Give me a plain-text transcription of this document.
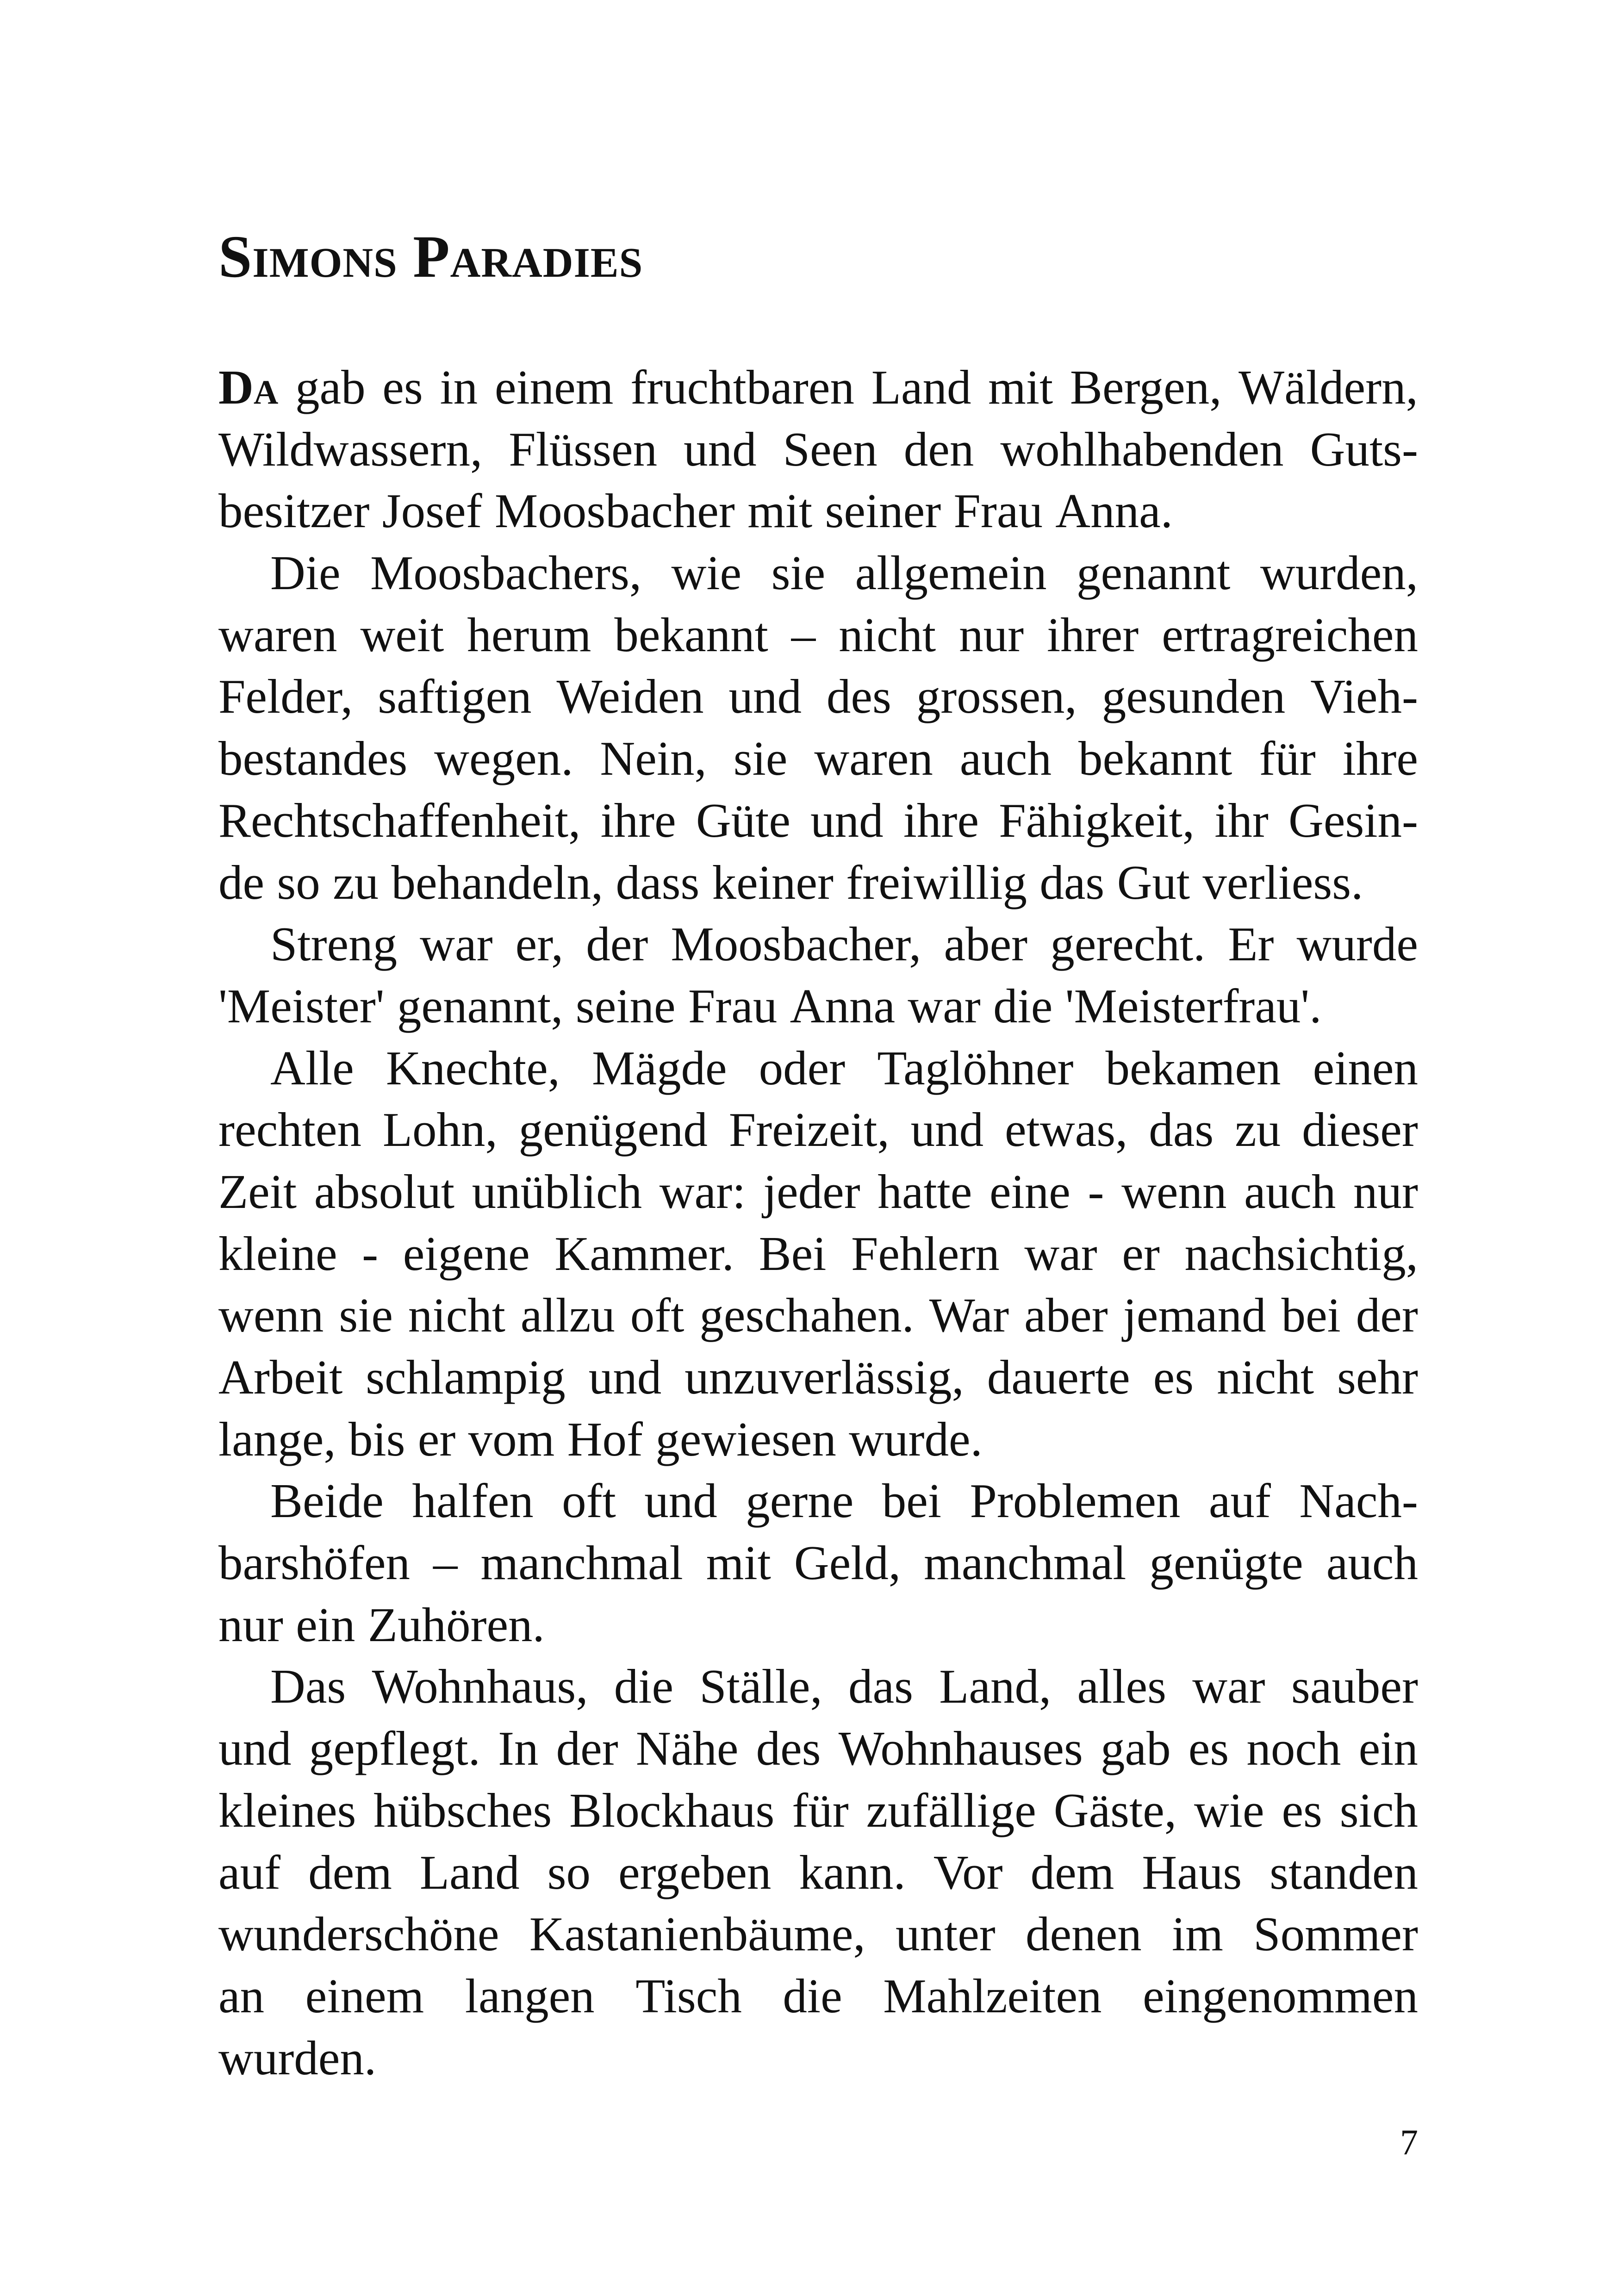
Simons Paradies
Da gab es in einem fruchtbaren Land mit Bergen, Wäldern,
Wildwassern, Flüssen und Seen den wohlhabenden Guts-
besitzer Josef Moosbacher mit seiner Frau Anna.
Die Moosbachers, wie sie allgemein genannt wurden,
waren weit herum bekannt – nicht nur ihrer ertragreichen
Felder, saftigen Weiden und des grossen, gesunden Vieh-
bestandes wegen. Nein, sie waren auch bekannt für ihre
Rechtschaffenheit, ihre Güte und ihre Fähigkeit, ihr Gesin-
de so zu behandeln, dass keiner freiwillig das Gut verliess.
Streng war er, der Moosbacher, aber gerecht. Er wurde
'Meister' genannt, seine Frau Anna war die 'Meisterfrau'.
Alle Knechte, Mägde oder Taglöhner bekamen einen
rechten Lohn, genügend Freizeit, und etwas, das zu dieser
Zeit absolut unüblich war: jeder hatte eine - wenn auch nur
kleine - eigene Kammer. Bei Fehlern war er nachsichtig,
wenn sie nicht allzu oft geschahen. War aber jemand bei der
Arbeit schlampig und unzuverlässig, dauerte es nicht sehr
lange, bis er vom Hof gewiesen wurde.
Beide halfen oft und gerne bei Problemen auf Nach-
barshöfen – manchmal mit Geld, manchmal genügte auch
nur ein Zuhören.
Das Wohnhaus, die Ställe, das Land, alles war sauber
und gepflegt. In der Nähe des Wohnhauses gab es noch ein
kleines hübsches Blockhaus für zufällige Gäste, wie es sich
auf dem Land so ergeben kann. Vor dem Haus standen
wunderschöne Kastanienbäume, unter denen im Sommer
an einem langen Tisch die Mahlzeiten eingenommen
wurden.
7
